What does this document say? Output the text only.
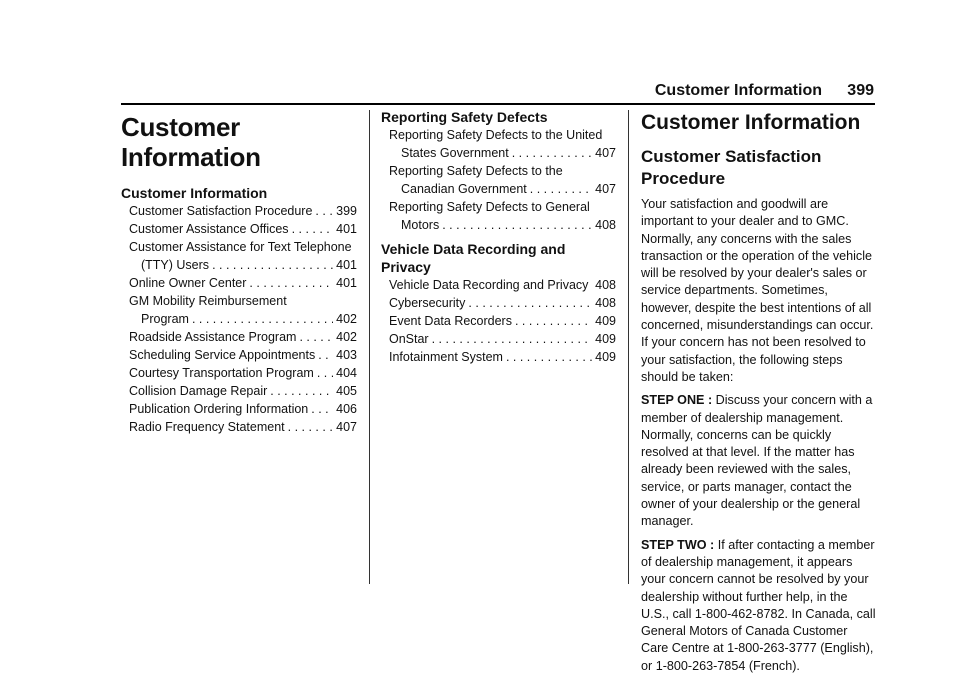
Customer Information 399
Customer Information
Customer Information
Customer Satisfaction Procedure . . . 399
Customer Assistance Offices . . .	401
Customer Assistance for Text Telephone
(TTY) Users . . .	401
Online Owner Center . . .	401
GM Mobility Reimbursement
Program . . .	402
Roadside Assistance Program . . .	402
Scheduling Service Appointments . . . 403
Courtesy Transportation Program . . . 404
Collision Damage Repair . . .	405
Publication Ordering Information . . . 406
Radio Frequency Statement . . .	407
Reporting Safety Defects
Reporting Safety Defects to the United
States Government . . .	407
Reporting Safety Defects to the
Canadian Government . . .	407
Reporting Safety Defects to General
Motors . . .	408
Vehicle Data Recording and Privacy
Vehicle Data Recording and Privacy . . . 408
Cybersecurity . . .	408
Event Data Recorders . . .	409
OnStar . . .	409
Infotainment System . . .	409
Customer Information
Customer Satisfaction Procedure

Your satisfaction and goodwill are important to your dealer and to GMC. Normally, any concerns with the sales transaction or the operation of the vehicle will be resolved by your dealer's sales or service departments. Sometimes, however, despite the best intentions of all concerned, misunderstandings can occur. If your concern has not been resolved to your satisfaction, the following steps should be taken:

STEP ONE : Discuss your concern with a member of dealership management. Normally, concerns can be quickly resolved at that level. If the matter has already been reviewed with the sales, service, or parts manager, contact the owner of your dealership or the general manager.

STEP TWO : If after contacting a member of dealership management, it appears your concern cannot be resolved by your dealership without further help, in the U.S., call 1-800-462-8782. In Canada, call General Motors of Canada Customer Care Centre at 1-800-263-3777 (English), or 1-800-263-7854 (French).
